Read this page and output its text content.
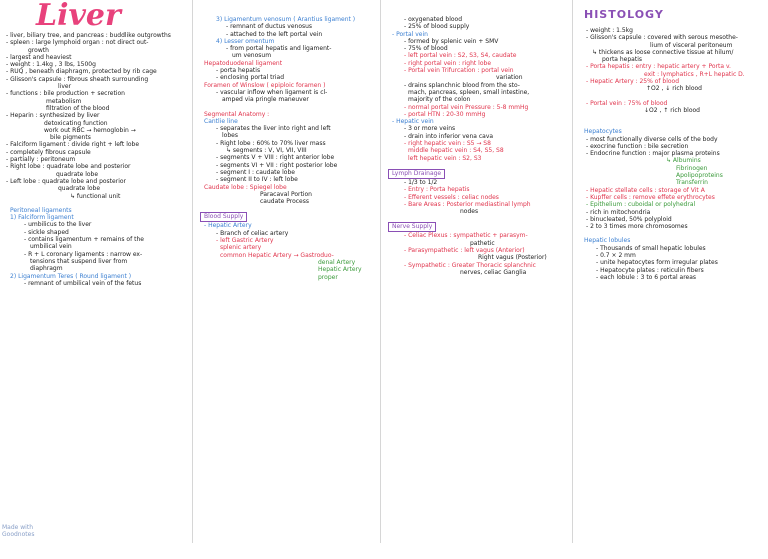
Liver
- liver, biliary tree, and pancreas : buddlike outgrowths
- spleen : large lymphoid organ : not direct out-
growth
- largest and heaviest
- weight : 1.4kg , 3 lbs, 1500g
- RUQ , beneath diaphragm, protected by rib cage
- Glisson's capsule : fibrous sheath surrounding
liver
- functions : bile production + secretion
metabolism
filtration of the blood
- Heparin : synthesized by liver
detoxicating function
work out RBC → hemoglobin →
bile pigments
- Falciform ligament : divide right + left lobe
- completely fibrous capsule
- partially : peritoneum
- Right lobe : quadrate lobe and posterior
quadrate lobe
- Left lobe : quadrate lobe and posterior
quadrate lobe
↳ functional unit
Peritoneal ligaments
1) Falciform ligament
- umbilicus to the liver
- sickle shaped
- contains ligamentum + remains of the
umbilical vein
- R + L coronary ligaments : narrow ex-
tensions that suspend liver from
diaphragm
2) Ligamentum Teres ( Round ligament )
- remnant of umbilical vein of the fetus
3) Ligamentum venosum ( Arantius ligament )
- remnant of ductus venosus
- attached to the left portal vein
4) Lesser omentum
- from portal hepatis and ligament-
um venosum
Hepatoduodenal ligament
- porta hepatis
- enclosing portal triad
Foramen of Winslow ( epiploic foramen )
- vascular inflow when ligament is cl-
amped via pringle maneuver
Segmental Anatomy :
Cantlie line
- separates the liver into right and left
lobes
- Right lobe : 60% to 70% liver mass
↳ segments : V, VI, VII, VIII
- segments V + VIII : right anterior lobe
- segments VI + VII : right posterior lobe
- segment I : caudate lobe
- segment II to IV : left lobe
Caudate lobe : Spiegel lobe
Paracaval Portion
caudate Process
Blood Supply
- Hepatic Artery
- Branch of celiac artery
- left Gastric Artery
splenic artery
common Hepatic Artery → Gastroduo-
denal Artery
Hepatic Artery
proper
- oxygenated blood
- 25% of blood supply
- Portal vein
- formed by splenic vein + SMV
- 75% of blood
- left portal vein : S2, S3, S4, caudate
- right portal vein : right lobe
- Portal vein Trifurcation : portal vein
variation
- drains splanchnic blood from the sto-
mach, pancreas, spleen, small intestine,
majority of the colon
- normal portal vein Pressure : 5-8 mmHg
- portal HTN : 20-30 mmHg
- Hepatic vein
- 3 or more veins
- drain into inferior vena cava
- right hepatic vein : S5 → S8
middle hepatic vein : S4, S5, S8
left hepatic vein : S2, S3
Lymph Drainage
- 1/3 to 1/2
- Entry : Porta hepatis
- Efferent vessels : celiac nodes
- Bare Areas : Posterior mediastinal lymph
nodes
Nerve Supply
- Celiac Plexus : sympathetic + parasym-
pathetic
- Parasympathetic : left vagus (Anterior)
Right vagus (Posterior)
- Sympathetic : Greater Thoracic splanchnic
nerves, celiac Ganglia
HISTOLOGY
- weight : 1.5kg
- Glisson's capsule : covered with serous mesothe-
lium of visceral peritoneum
↳ thickens as loose connective tissue at hilum/
porta hepatis
- Porta hepatis : entry : hepatic artery + Porta v.
exit : lymphatics , R+L hepatic D.
- Hepatic Artery : 25% of blood
↑O2 , ↓ rich blood
- Portal vein : 75% of blood
↓O2 , ↑ rich blood
Hepatocytes
- most functionally diverse cells of the body
- exocrine function : bile secretion
- Endocrine function : major plasma proteins
↳ Albumins
Fibrinogen
Apolipoproteins
Transferrin
- Hepatic stellate cells : storage of Vit A
- Kupffer cells : remove effete erythrocytes
- Epithelium : cuboidal or polyhedral
- rich in mitochondria
- binucleated, 50% polyploid
- 2 to 3 times more chromosomes
Hepatic lobules
- Thousands of small hepatic lobules
- 0.7 × 2 mm
- unite hepatocytes form irregular plates
- Hepatocyte plates : reticulin fibers
- each lobule : 3 to 6 portal areas
Made with Goodnotes
